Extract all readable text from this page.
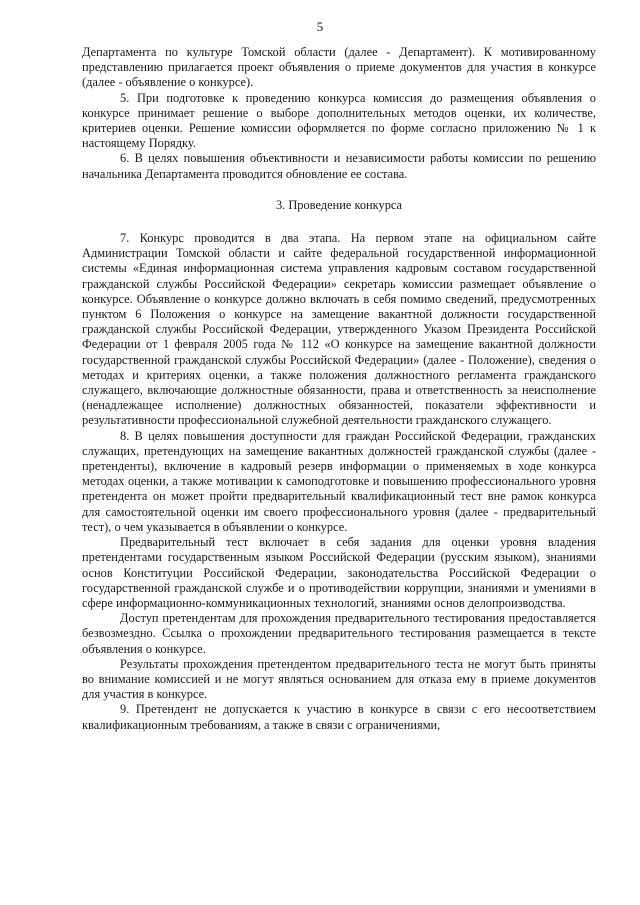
5

Департамента по культуре Томской области (далее - Департамент). К мотивированному представлению прилагается проект объявления о приеме документов для участия в конкурсе (далее - объявление о конкурсе).

5. При подготовке к проведению конкурса комиссия до размещения объявления о конкурсе принимает решение о выборе дополнительных методов оценки, их количестве, критериев оценки. Решение комиссии оформляется по форме согласно приложению № 1 к настоящему Порядку.

6. В целях повышения объективности и независимости работы комиссии по решению начальника Департамента проводится обновление ее состава.

3. Проведение конкурса

7. Конкурс проводится в два этапа. На первом этапе на официальном сайте Администрации Томской области и сайте федеральной государственной информационной системы «Единая информационная система управления кадровым составом государственной гражданской службы Российской Федерации» секретарь комиссии размещает объявление о конкурсе. Объявление о конкурсе должно включать в себя помимо сведений, предусмотренных пунктом 6 Положения о конкурсе на замещение вакантной должности государственной гражданской службы Российской Федерации, утвержденного Указом Президента Российской Федерации от 1 февраля 2005 года № 112 «О конкурсе на замещение вакантной должности государственной гражданской службы Российской Федерации» (далее - Положение), сведения о методах и критериях оценки, а также положения должностного регламента гражданского служащего, включающие должностные обязанности, права и ответственность за неисполнение (ненадлежащее исполнение) должностных обязанностей, показатели эффективности и результативности профессиональной служебной деятельности гражданского служащего.

8. В целях повышения доступности для граждан Российской Федерации, гражданских служащих, претендующих на замещение вакантных должностей гражданской службы (далее - претенденты), включение в кадровый резерв информации о применяемых в ходе конкурса методах оценки, а также мотивации к самоподготовке и повышению профессионального уровня претендента он может пройти предварительный квалификационный тест вне рамок конкурса для самостоятельной оценки им своего профессионального уровня (далее - предварительный тест), о чем указывается в объявлении о конкурсе.

Предварительный тест включает в себя задания для оценки уровня владения претендентами государственным языком Российской Федерации (русским языком), знаниями основ Конституции Российской Федерации, законодательства Российской Федерации о государственной гражданской службе и о противодействии коррупции, знаниями и умениями в сфере информационно-коммуникационных технологий, знаниями основ делопроизводства.

Доступ претендентам для прохождения предварительного тестирования предоставляется безвозмездно. Ссылка о прохождении предварительного тестирования размещается в тексте объявления о конкурсе.

Результаты прохождения претендентом предварительного теста не могут быть приняты во внимание комиссией и не могут являться основанием для отказа ему в приеме документов для участия в конкурсе.

9. Претендент не допускается к участию в конкурсе в связи с его несоответствием квалификационным требованиям, а также в связи с ограничениями,
